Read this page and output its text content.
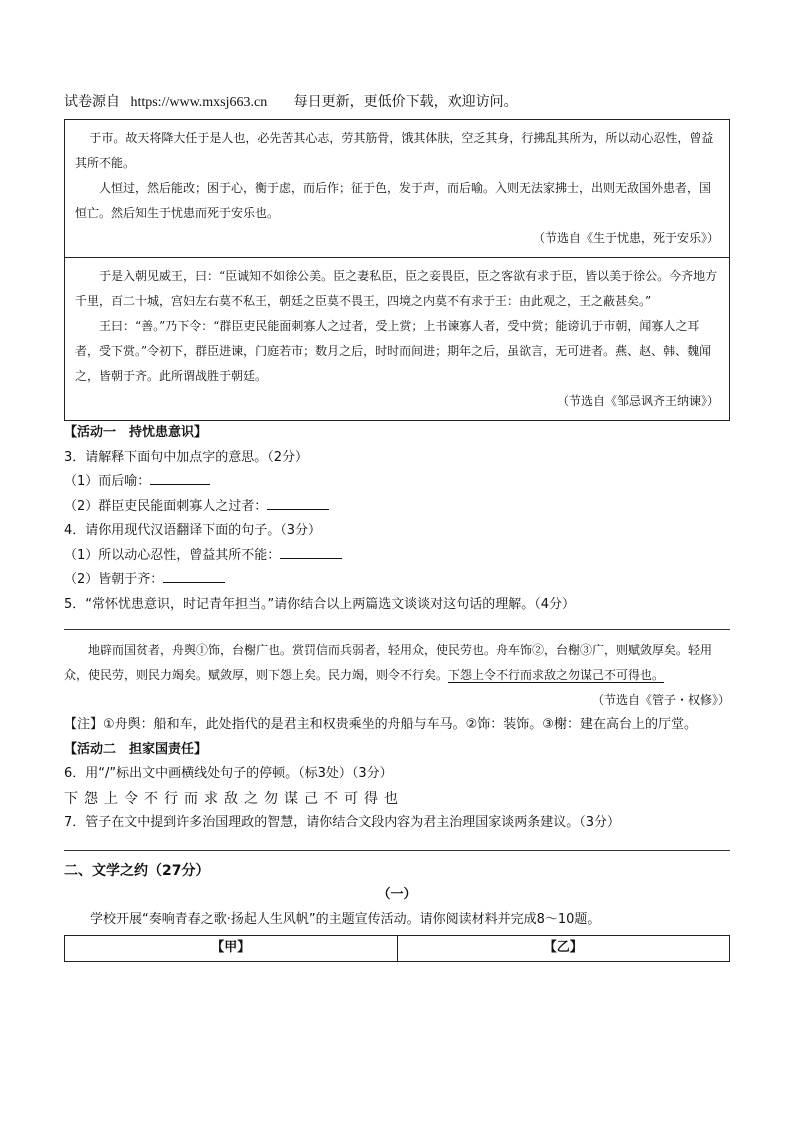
试卷源自 https://www.mxsj663.cn 每日更新，更低价下载，欢迎访问。

于市。故天将降大任于是人也，必先苦其心志，劳其筋骨，饿其体肤，空乏其身，行拂乱其所为，所以动心忍性，曾益其所不能。

人恒过，然后能改；困于心，衡于虑，而后作；征于色，发于声，而后喻。入则无法家拂士，出则无敌国外患者，国恒亡。然后知生于忧患而死于安乐也。

（节选自《生于忧患，死于安乐》）

于是入朝见威王，曰：“臣诚知不如徐公美。臣之妻私臣，臣之妾畏臣，臣之客欲有求于臣，皆以美于徐公。今齐地方千里，百二十城，宫妇左右莫不私王，朝廷之臣莫不畏王，四境之内莫不有求于王：由此观之，王之蔽甚矣。”

王曰：“善。”乃下令：“群臣吏民能面刺寡人之过者，受上赏；上书谏寡人者，受中赏；能谤讥于市朝，闻寡人之耳者，受下赏。”令初下，群臣进谏，门庭若市；数月之后，时时而间进；期年之后，虽欲言，无可进者。燕、赵、韩、魏闻之，皆朝于齐。此所谓战胜于朝廷。

（节选自《邹忌讽齐王纳谏》）

【活动一　持忧患意识】
3．请解释下面句中加点字的意思。（2分）
（1）而后喻：
（2）群臣吏民能面刺寡人之过者：
4．请你用现代汉语翻译下面的句子。（3分）
（1）所以动心忍性，曾益其所不能：
（2）皆朝于齐：
5．“常怀忧患意识，时记青年担当。”请你结合以上两篇选文谈谈对这句话的理解。（4分）

地辟而国贫者，舟舆①饰，台榭广也。赏罚信而兵弱者，轻用众，使民劳也。舟车饰②，台榭③广，则赋敛厚矣。轻用众，使民劳，则民力竭矣。赋敛厚，则下怨上矣。民力竭，则令不行矣。下怨上令不行而求敌之勿谋己不可得也。

（节选自《管子・权修》）

【注】①舟舆：船和车，此处指代的是君主和权贵乘坐的舟船与车马。②饰：装饰。③榭：建在高台上的厅堂。
【活动二　担家国责任】
6．用“/”标出文中画横线处句子的停顿。（标3处）（3分）
下怨上令不行而求敌之勿谋己不可得也
7．管子在文中提到许多治国理政的智慧，请你结合文段内容为君主治理国家谈两条建议。（3分）
二、文学之约（27分）
（一）
学校开展“奏响青春之歌·扬起人生风帆”的主题宣传活动。请你阅读材料并完成8～10题。
【甲】	【乙】
